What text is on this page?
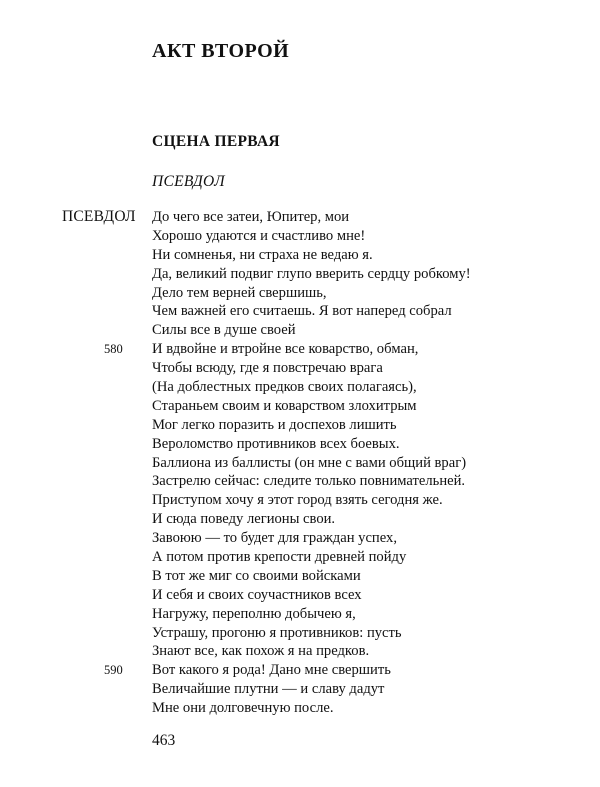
АКТ ВТОРОЙ
СЦЕНА ПЕРВАЯ
ПСЕВДОЛ
ПСЕВДОЛ До чего все затеи, Юпитер, мои
Хорошо удаются и счастливо мне!
Ни сомненья, ни страха не ведаю я.
Да, великий подвиг глупо вверить сердцу робкому!
Дело тем верней свершишь,
Чем важней его считаешь. Я вот наперед собрал
Силы все в душе своей
580	И вдвойне и втройне все коварство, обман,
Чтобы всюду, где я повстречаю врага
(На доблестных предков своих полагаясь),
Стараньем своим и коварством злохитрым
Мог легко поразить и доспехов лишить
Вероломство противников всех боевых.
Баллиона из баллисты (он мне с вами общий враг)
Застрелю сейчас: следите только повнимательней.
Приступом хочу я этот город взять сегодня же.
И сюда поведу легионы свои.
Завоюю — то будет для граждан успех,
А потом против крепости древней пойду
В тот же миг со своими войсками
И себя и своих соучастников всех
Нагружу, переполню добычею я,
Устрашу, прогоню я противников: пусть
Знают все, как похож я на предков.
590	Вот какого я рода! Дано мне свершить
Величайшие плутни — и славу дадут
Мне они долговечную после.
463
